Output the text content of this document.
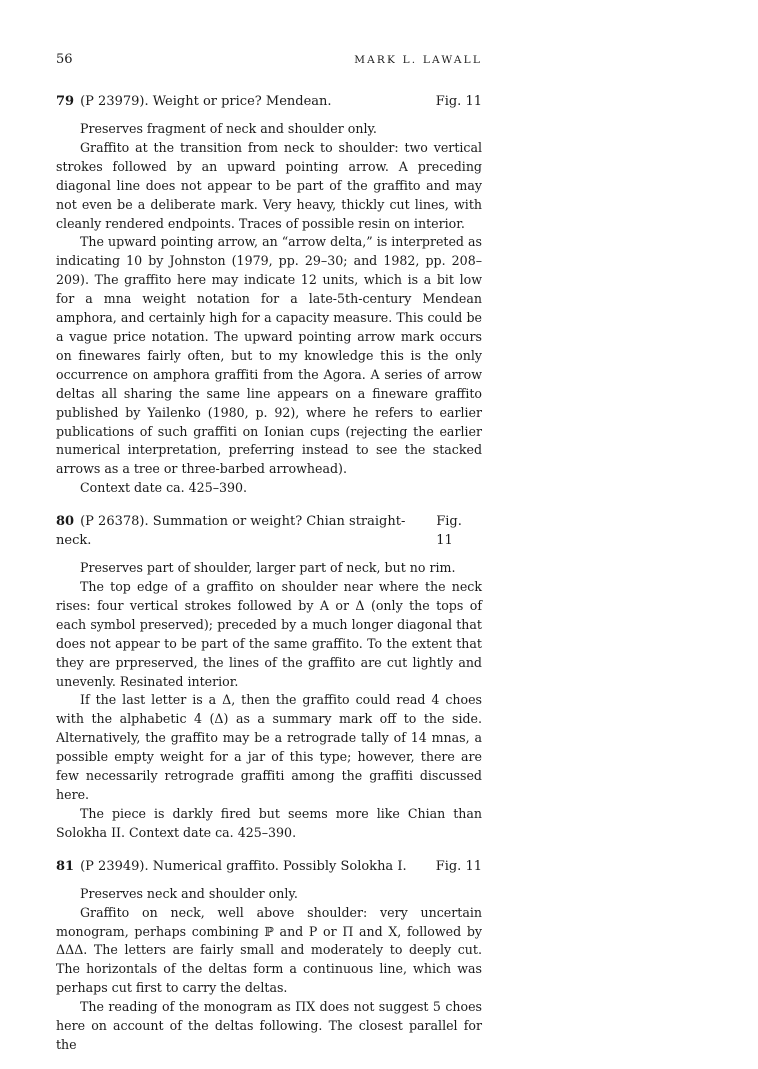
56	MARK L. LAWALL
79 (P 23979). Weight or price? Mendean.	Fig. 11

Preserves fragment of neck and shoulder only.

Graffito at the transition from neck to shoulder: two vertical strokes followed by an upward pointing arrow. A preceding diagonal line does not appear to be part of the graffito and may not even be a deliberate mark. Very heavy, thickly cut lines, with cleanly rendered endpoints. Traces of possible resin on interior.

The upward pointing arrow, an “arrow delta,” is interpreted as indicating 10 by Johnston (1979, pp. 29–30; and 1982, pp. 208–209). The graffito here may indicate 12 units, which is a bit low for a mna weight notation for a late-5th-century Mendean amphora, and certainly high for a capacity measure. This could be a vague price notation. The upward pointing arrow mark occurs on finewares fairly often, but to my knowledge this is the only occurrence on amphora graffiti from the Agora. A series of arrow deltas all sharing the same line appears on a fineware graffito published by Yailenko (1980, p. 92), where he refers to earlier publications of such graffiti on Ionian cups (rejecting the earlier numerical interpretation, preferring instead to see the stacked arrows as a tree or three-barbed arrowhead).

Context date ca. 425–390.

80 (P 26378). Summation or weight? Chian straight-neck.
Fig. 11

Preserves part of shoulder, larger part of neck, but no rim.

The top edge of a graffito on shoulder near where the neck rises: four vertical strokes followed by Α or Δ (only the tops of each symbol preserved); preceded by a much longer diagonal that does not appear to be part of the same graffito. To the extent that they are prpreserved, the lines of the graffito are cut lightly and unevenly. Resinated interior.

If the last letter is a Δ, then the graffito could read 4 choes with the alphabetic 4 (Δ) as a summary mark off to the side. Alternatively, the graffito may be a retrograde tally of 14 mnas, a possible empty weight for a jar of this type; however, there are few necessarily retrograde graffiti among the graffiti discussed here.

The piece is darkly fired but seems more like Chian than Solokha II. Context date ca. 425–390.

81 (P 23949). Numerical graffito. Possibly Solokha I. Fig. 11

Preserves neck and shoulder only.

Graffito on neck, well above shoulder: very uncertain monogram, perhaps combining ℙ and Ρ or Π and Χ, followed by ΔΔΔ. The letters are fairly small and moderately to deeply cut. The horizontals of the deltas form a continuous line, which was perhaps cut first to carry the deltas.

The reading of the monogram as ΠΧ does not suggest 5 choes here on account of the deltas following. The closest parallel for the
